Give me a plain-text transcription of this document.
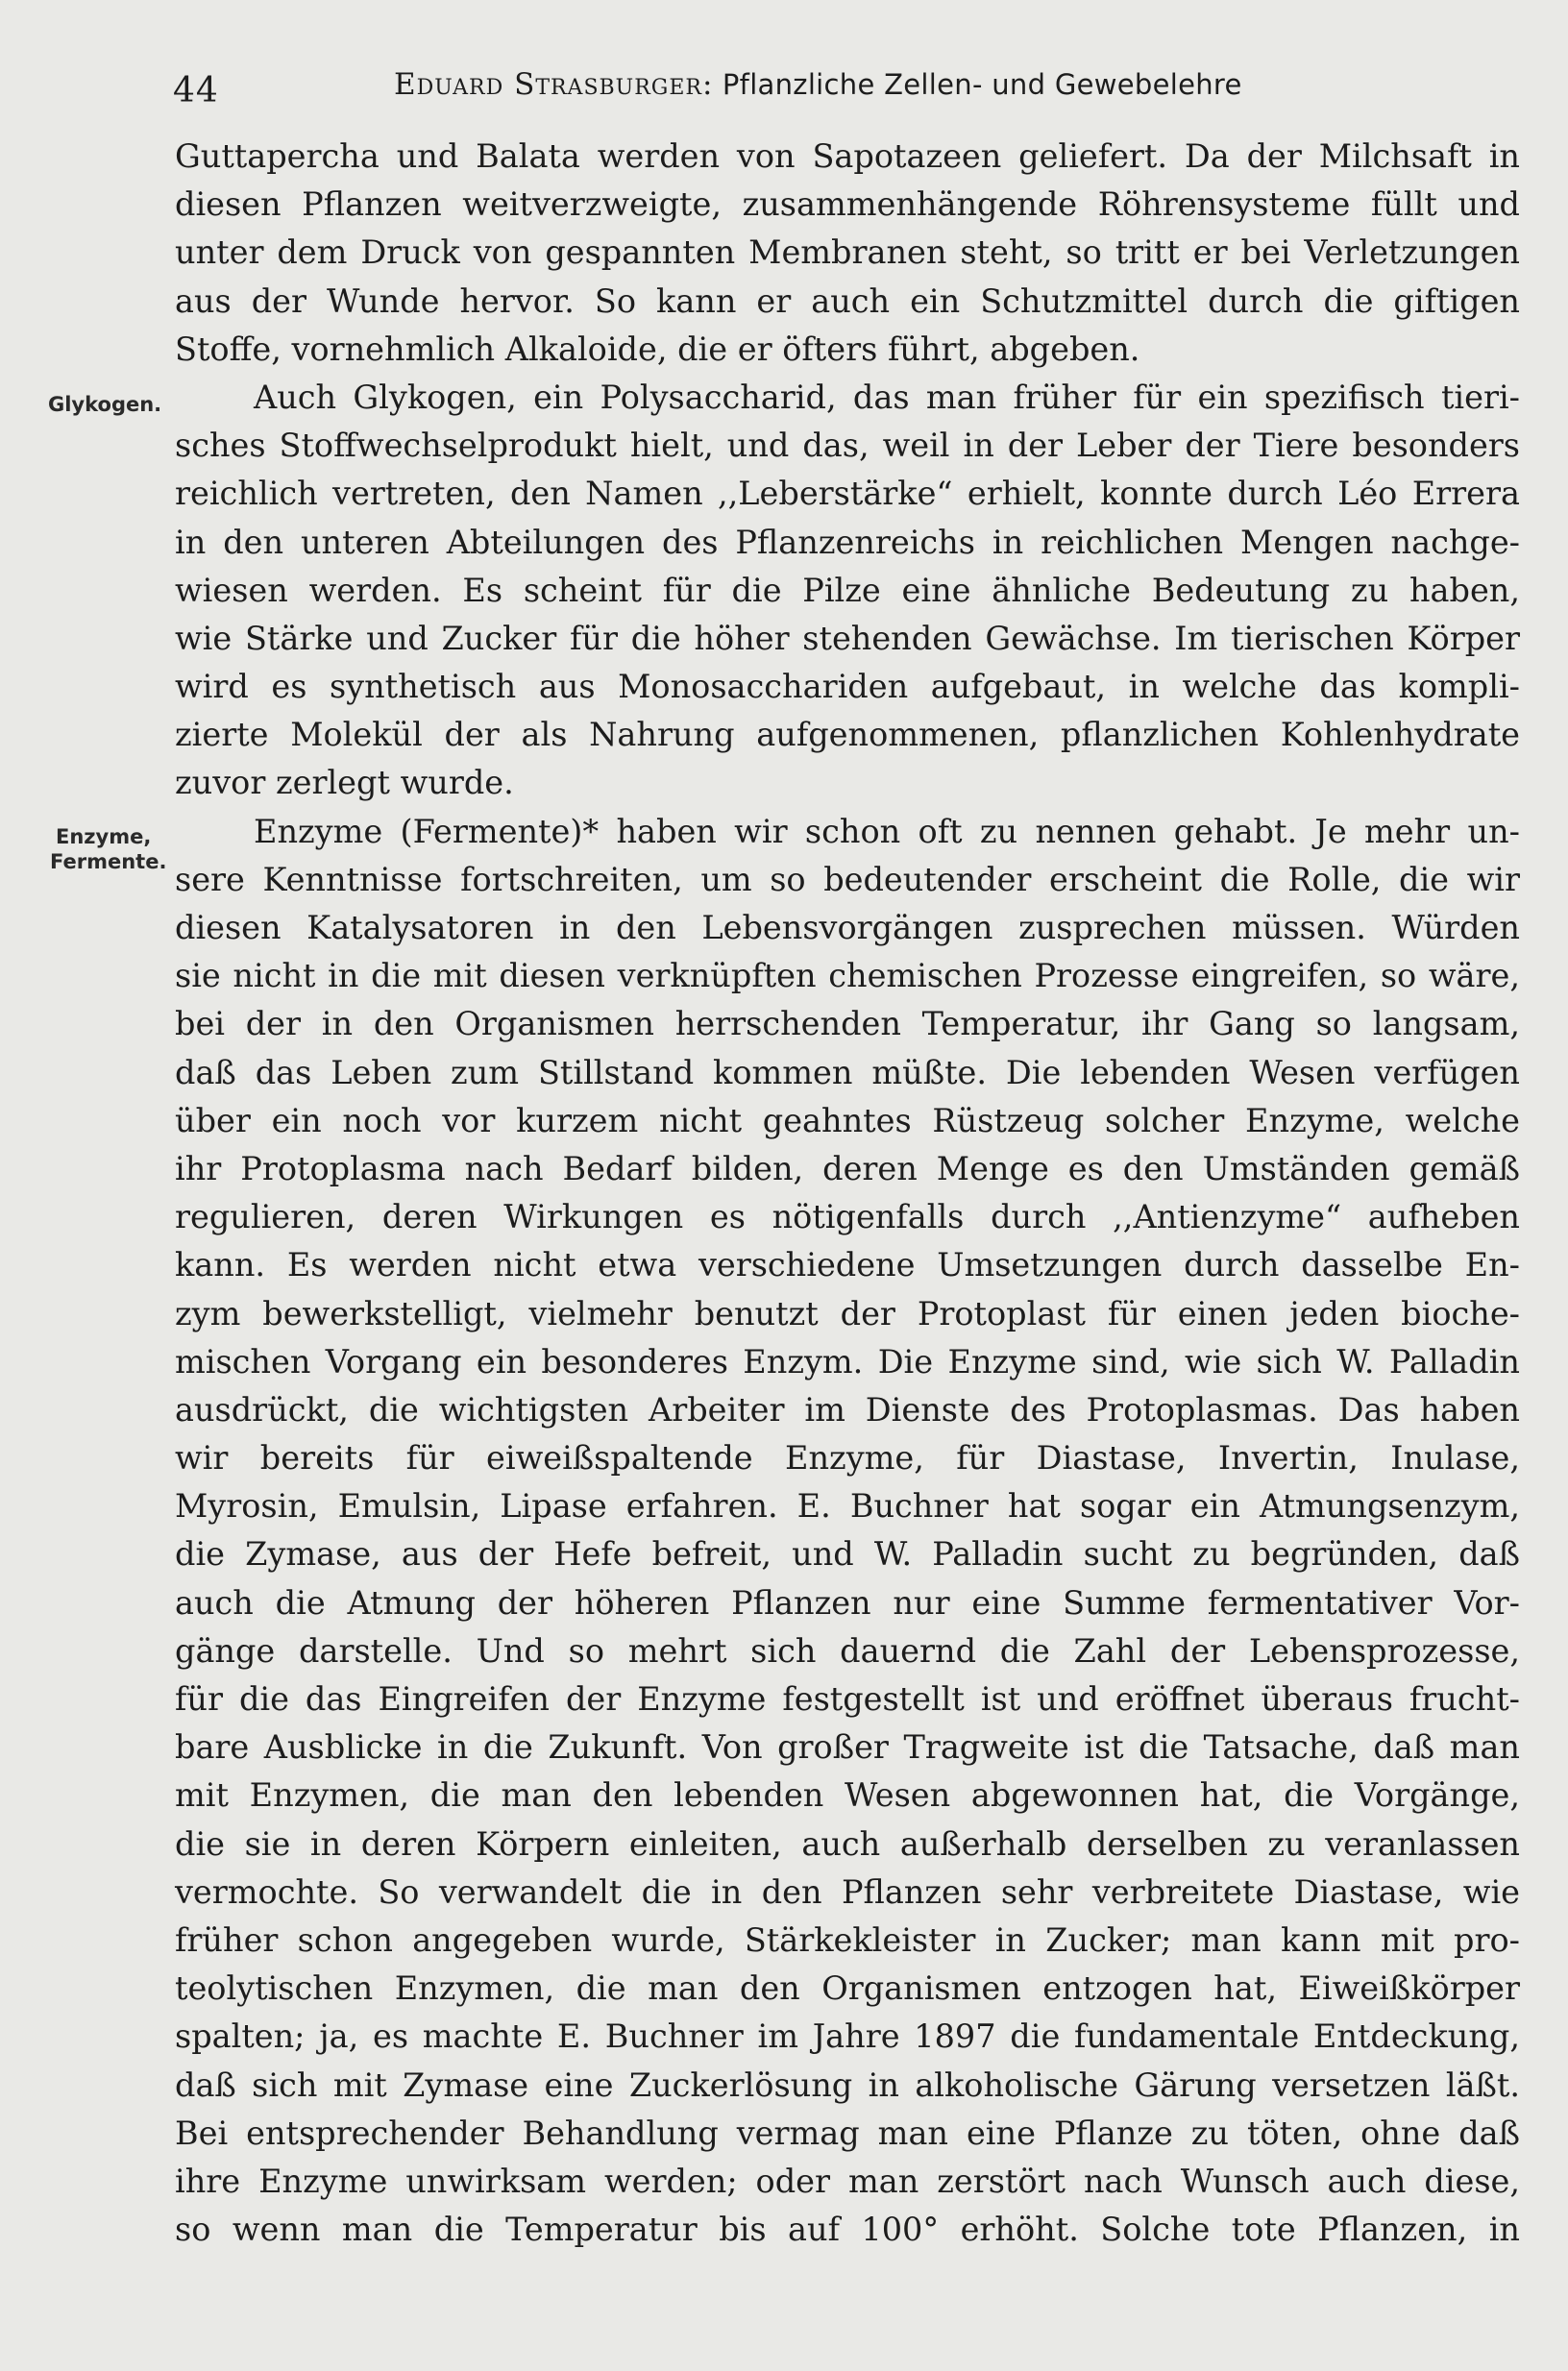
44	Eduard Strasburger: Pflanzliche Zellen- und Gewebelehre
Glykogen.
Enzyme,
Fermente.
Guttapercha und Balata werden von Sapotazeen geliefert. Da der Milchsaft in
diesen Pflanzen weitverzweigte, zusammenhängende Röhrensysteme füllt und
unter dem Druck von gespannten Membranen steht, so tritt er bei Verletzungen
aus der Wunde hervor. So kann er auch ein Schutzmittel durch die giftigen
Stoffe, vornehmlich Alkaloide, die er öfters führt, abgeben.
Auch Glykogen, ein Polysaccharid, das man früher für ein spezifisch tieri-
sches Stoffwechselprodukt hielt, und das, weil in der Leber der Tiere besonders
reichlich vertreten, den Namen ,,Leberstärke“ erhielt, konnte durch Léo Errera
in den unteren Abteilungen des Pflanzenreichs in reichlichen Mengen nachge-
wiesen werden. Es scheint für die Pilze eine ähnliche Bedeutung zu haben,
wie Stärke und Zucker für die höher stehenden Gewächse. Im tierischen Körper
wird es synthetisch aus Monosacchariden aufgebaut, in welche das kompli-
zierte Molekül der als Nahrung aufgenommenen, pflanzlichen Kohlenhydrate
zuvor zerlegt wurde.
Enzyme (Fermente)* haben wir schon oft zu nennen gehabt. Je mehr un-
sere Kenntnisse fortschreiten, um so bedeutender erscheint die Rolle, die wir
diesen Katalysatoren in den Lebensvorgängen zusprechen müssen. Würden
sie nicht in die mit diesen verknüpften chemischen Prozesse eingreifen, so wäre,
bei der in den Organismen herrschenden Temperatur, ihr Gang so langsam,
daß das Leben zum Stillstand kommen müßte. Die lebenden Wesen verfügen
über ein noch vor kurzem nicht geahntes Rüstzeug solcher Enzyme, welche
ihr Protoplasma nach Bedarf bilden, deren Menge es den Umständen gemäß
regulieren, deren Wirkungen es nötigenfalls durch ,,Antienzyme“ aufheben
kann. Es werden nicht etwa verschiedene Umsetzungen durch dasselbe En-
zym bewerkstelligt, vielmehr benutzt der Protoplast für einen jeden bioche-
mischen Vorgang ein besonderes Enzym. Die Enzyme sind, wie sich W. Palladin
ausdrückt, die wichtigsten Arbeiter im Dienste des Protoplasmas. Das haben
wir bereits für eiweißspaltende Enzyme, für Diastase, Invertin, Inulase,
Myrosin, Emulsin, Lipase erfahren. E. Buchner hat sogar ein Atmungsenzym,
die Zymase, aus der Hefe befreit, und W. Palladin sucht zu begründen, daß
auch die Atmung der höheren Pflanzen nur eine Summe fermentativer Vor-
gänge darstelle. Und so mehrt sich dauernd die Zahl der Lebensprozesse,
für die das Eingreifen der Enzyme festgestellt ist und eröffnet überaus frucht-
bare Ausblicke in die Zukunft. Von großer Tragweite ist die Tatsache, daß man
mit Enzymen, die man den lebenden Wesen abgewonnen hat, die Vorgänge,
die sie in deren Körpern einleiten, auch außerhalb derselben zu veranlassen
vermochte. So verwandelt die in den Pflanzen sehr verbreitete Diastase, wie
früher schon angegeben wurde, Stärkekleister in Zucker; man kann mit pro-
teolytischen Enzymen, die man den Organismen entzogen hat, Eiweißkörper
spalten; ja, es machte E. Buchner im Jahre 1897 die fundamentale Entdeckung,
daß sich mit Zymase eine Zuckerlösung in alkoholische Gärung versetzen läßt.
Bei entsprechender Behandlung vermag man eine Pflanze zu töten, ohne daß
ihre Enzyme unwirksam werden; oder man zerstört nach Wunsch auch diese,
so wenn man die Temperatur bis auf 100° erhöht. Solche tote Pflanzen, in
